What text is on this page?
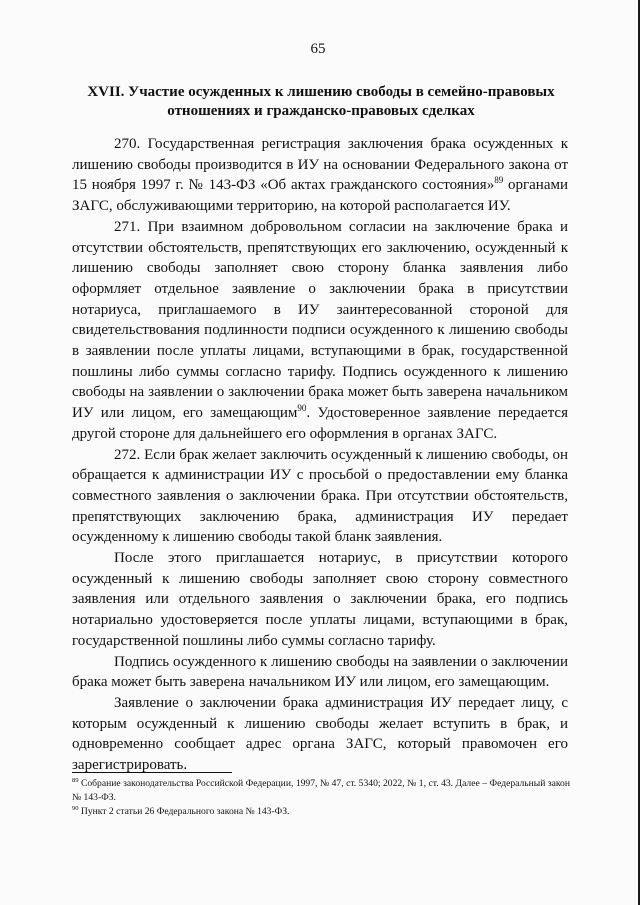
65
XVII. Участие осужденных к лишению свободы в семейно-правовых отношениях и гражданско-правовых сделках

270. Государственная регистрация заключения брака осужденных к лишению свободы производится в ИУ на основании Федерального закона от 15 ноября 1997 г. № 143-ФЗ «Об актах гражданского состояния»$^{89}$ органами ЗАГС, обслуживающими территорию, на которой располагается ИУ.

271. При взаимном добровольном согласии на заключение брака и отсутствии обстоятельств, препятствующих его заключению, осужденный к лишению свободы заполняет свою сторону бланка заявления либо оформляет отдельное заявление о заключении брака в присутствии нотариуса, приглашаемого в ИУ заинтересованной стороной для свидетельствования подлинности подписи осужденного к лишению свободы в заявлении после уплаты лицами, вступающими в брак, государственной пошлины либо суммы согласно тарифу. Подпись осужденного к лишению свободы на заявлении о заключении брака может быть заверена начальником ИУ или лицом, его замещающим$^{90}$. Удостоверенное заявление передается другой стороне для дальнейшего его оформления в органах ЗАГС.

272. Если брак желает заключить осужденный к лишению свободы, он обращается к администрации ИУ с просьбой о предоставлении ему бланка совместного заявления о заключении брака. При отсутствии обстоятельств, препятствующих заключению брака, администрация ИУ передает осужденному к лишению свободы такой бланк заявления.

После этого приглашается нотариус, в присутствии которого осужденный к лишению свободы заполняет свою сторону совместного заявления или отдельного заявления о заключении брака, его подпись нотариально удостоверяется после уплаты лицами, вступающими в брак, государственной пошлины либо суммы согласно тарифу.

Подпись осужденного к лишению свободы на заявлении о заключении брака может быть заверена начальником ИУ или лицом, его замещающим.

Заявление о заключении брака администрация ИУ передает лицу, с которым осужденный к лишению свободы желает вступить в брак, и одновременно сообщает адрес органа ЗАГС, который правомочен его зарегистрировать.

$^{89}$ Собрание законодательства Российской Федерации, 1997, № 47, ст. 5340; 2022, № 1, ст. 43. Далее – Федеральный закон № 143-ФЗ.

$^{90}$ Пункт 2 статьи 26 Федерального закона № 143-ФЗ.
